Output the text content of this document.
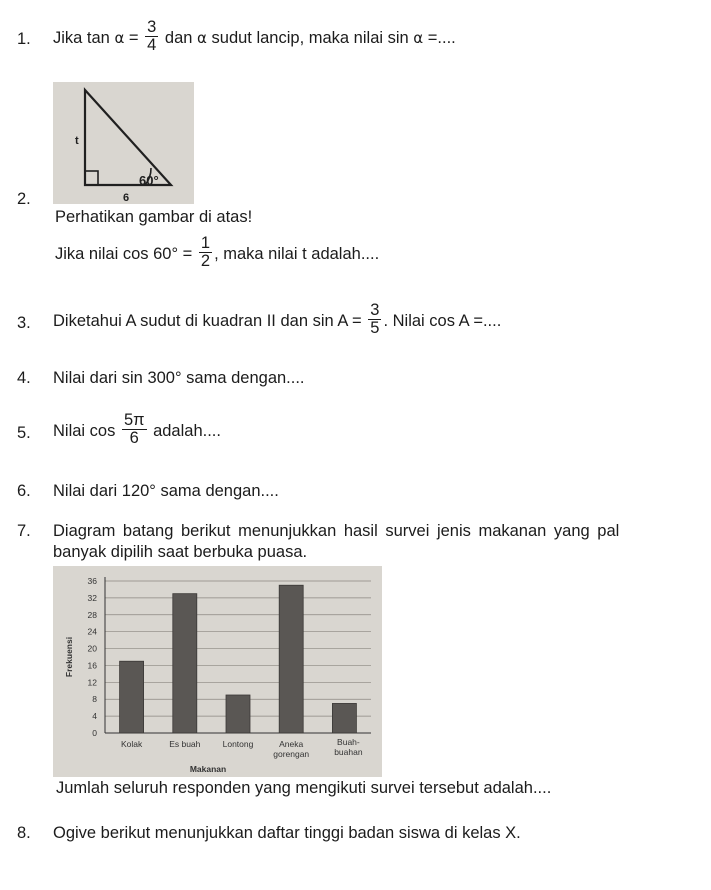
1. Jika $\tan \alpha = \frac{3}{4}$ dan α sudut lancip, maka nilai sin α =....
t
60°
6
2.
Perhatikan gambar di atas!
Jika nilai $\cos 60^\circ = \frac{1}{2}$ , maka nilai t adalah....
3. Diketahui A sudut di kuadran II dan $\sin A = \frac{3}{5}$ . Nilai cos A =....
4. Nilai dari sin 300° sama dengan....
5. Nilai $\cos \frac{5\pi}{6}$ adalah....
6. Nilai dari 120° sama dengan....
7. Diagram batang berikut menunjukkan hasil survei jenis makanan yang pal
banyak dipilih saat berbuka puasa.
0
4
8
12
16
20
24
28
32
36
Kolak	Es buah	Lontong	Aneka
gorengan
Buah-
buahan
Makanan
Frekuensi
Jumlah seluruh responden yang mengikuti survei tersebut adalah....
8. Ogive berikut menunjukkan daftar tinggi badan siswa di kelas X.
